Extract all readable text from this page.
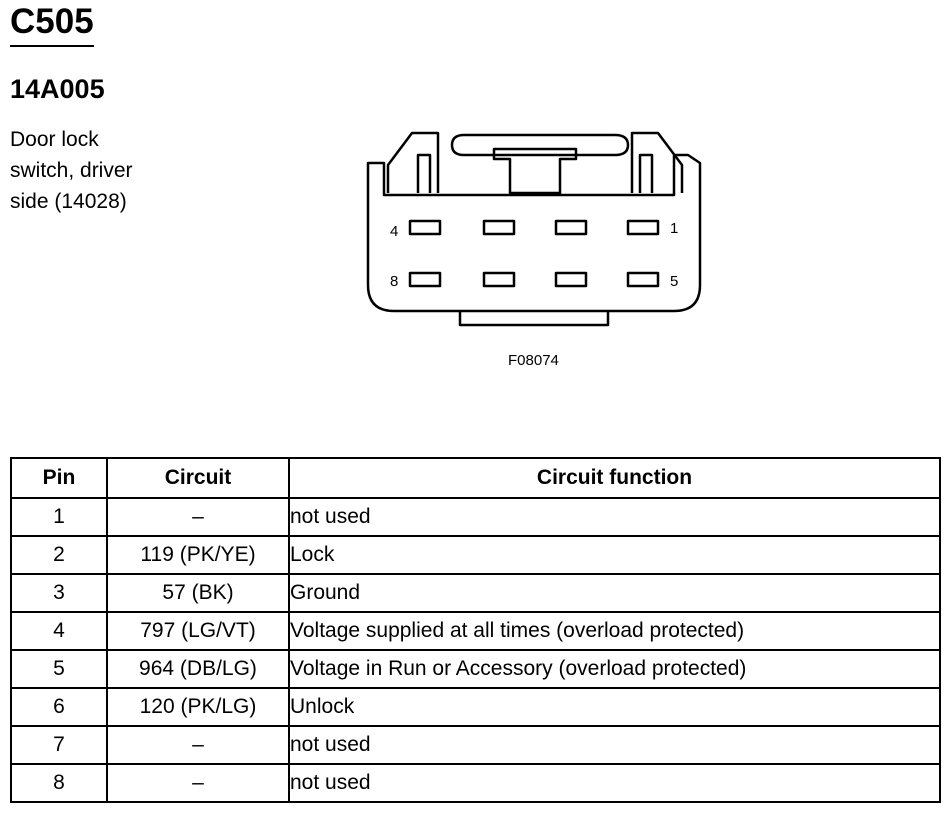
C505
14A005
Door lock
switch, driver
side (14028)
4	1
8	5
F08074
Pin	Circuit	Circuit function
1	–	not used
2	119 (PK/YE)	Lock
3	57 (BK)	Ground
4	797 (LG/VT)	Voltage supplied at all times (overload protected)
5	964 (DB/LG)	Voltage in Run or Accessory (overload protected)
6	120 (PK/LG)	Unlock
7	–	not used
8	–	not used
